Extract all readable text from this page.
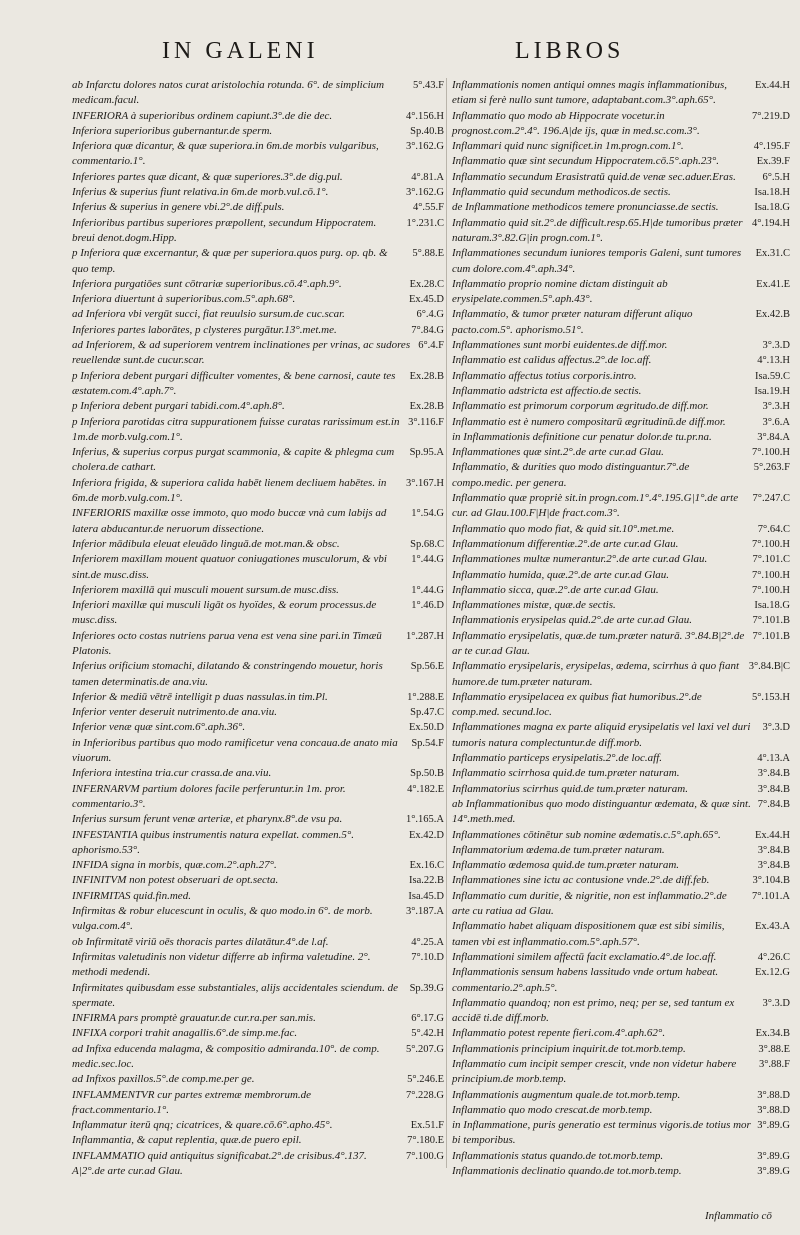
IN GALENI	LIBROS

5°.43.F
ab Infarctu dolores natos curat aristolochia rotunda. 6°. de simplicium medicam.facul.

4°.156.H
INFERIORA à superioribus ordinem capiunt.3°.de die dec.

Sp.40.B
Inferiora superioribus gubernantur.de sperm.

3°.162.G
Inferiora quæ dicantur, & quæ superiora.in 6m.de morbis vulgaribus, commentario.1°.

4°.81.A
Inferiores partes quæ dicant, & quæ superiores.3°.de dig.pul.

3°.162.G
Inferius & superius fiunt relativa.in 6m.de morb.vul.cō.1°.

4°.55.F
Inferius & superius in genere vbi.2°.de diff.puls.

1°.231.C
Inferioribus partibus superiores præpollent, secundum Hippocratem. breui denot.dogm.Hipp.

5°.88.E
p Inferiora quæ excernantur, & quæ per superiora.quos purg. op. qb. & quo temp.

Ex.28.C
Inferiora purgatiōes sunt cōtrariæ superioribus.cō.4°.aph.9°.

Ex.45.D
Inferiora diuertunt à superioribus.com.5°.aph.68°.

6°.4.G
ad Inferiora vbi vergūt succi, fiat reuulsio sursum.de cuc.scar.

7°.84.G
Inferiores partes laborātes, p clysteres purgātur.13°.met.me.

6°.4.F
ad Inferiorem, & ad superiorem ventrem inclinationes per vrinas, ac sudores reuellendæ sunt.de cucur.scar.

Ex.28.B
p Inferiora debent purgari difficulter vomentes, & bene carnosi, caute tes æstatem.com.4°.aph.7°.

Ex.28.B
p Inferiora debent purgari tabidi.com.4°.aph.8°.

3°.116.F
p Inferiora parotidas citra suppurationem fuisse curatas rarissimum est.in 1m.de morb.vulg.com.1°.

Sp.95.A
Inferius, & superius corpus purgat scammonia, & capite & phlegma cum cholera.de cathart.

3°.167.H
Inferiora frigida, & superiora calida habēt lienem decliuem habētes. in 6m.de morb.vulg.com.1°.

1°.54.G
INFERIORIS maxillæ osse immoto, quo modo buccæ vnà cum labijs ad latera abducantur.de neruorum dissectione.

Sp.68.C
Inferior mādibula eleuat eleuādo linguā.de mot.man.& obsc.

1°.44.G
Inferiorem maxillam mouent quatuor coniugationes musculorum, & vbi sint.de musc.diss.

1°.44.G
Inferiorem maxillā qui musculi mouent sursum.de musc.diss.

1°.46.D
Inferiori maxillæ qui musculi ligāt os hyoïdes, & eorum processus.de musc.diss.

1°.287.H
Inferiores octo costas nutriens parua vena est vena sine pari.in Timæū Platonis.

Sp.56.E
Inferius orificium stomachi, dilatando & constringendo mouetur, horis tamen determinatis.de ana.viu.

1°.288.E
Inferior & mediū vētrē intelligit p duas nassulas.in tim.Pl.

Sp.47.C
Inferior venter deseruit nutrimento.de ana.viu.

Ex.50.D
Inferior venæ quæ sint.com.6°.aph.36°.

Sp.54.F
in Inferioribus partibus quo modo ramificetur vena concaua.de anato mia viuorum.

Sp.50.B
Inferiora intestina tria.cur crassa.de ana.viu.

4°.182.E
INFERNARVM partium dolores facile perferuntur.in 1m. pror. commentario.3°.

1°.165.A
Inferius sursum ferunt venæ arteriæ, et pharynx.8°.de vsu pa.

Ex.42.D
INFESTANTIA quibus instrumentis natura expellat. commen.5°. aphorismo.53°.

Ex.16.C
INFIDA signa in morbis, quæ.com.2°.aph.27°.

Isa.22.B
INFINITVM non potest obseruari de opt.secta.

Isa.45.D
INFIRMITAS quid.fin.med.

3°.187.A
Infirmitas & robur elucescunt in oculis, & quo modo.in 6°. de morb. vulga.com.4°.

4°.25.A
ob Infirmitatē viriū oēs thoracis partes dilatātur.4°.de l.af.

7°.10.D
Infirmitas valetudinis non videtur differre ab infirma valetudine. 2°. methodi medendi.

Sp.39.G
Infirmitates quibusdam esse substantiales, alijs accidentales sciendum. de spermate.

6°.17.G
INFIRMA pars promptè grauatur.de cur.ra.per san.mis.

5°.42.H
INFIXA corpori trahit anagallis.6°.de simp.me.fac.

5°.207.G
ad Infixa educenda malagma, & compositio admiranda.10°. de comp. medic.sec.loc.

5°.246.E
ad Infixos paxillos.5°.de comp.me.per ge.

7°.228.G
INFLAMMENTVR cur partes extremæ membrorum.de fract.commentario.1°.

Ex.51.F
Inflammatur iterū qnq; cicatrices, & quare.cō.6°.apho.45°.

7°.180.E
Inflammantia, & caput replentia, quæ.de puero epil.

7°.100.G
INFLAMMATIO quid antiquitus significabat.2°.de crisibus.4°.137. A|2°.de arte cur.ad Glau.

Ex.44.H
Inflammationis nomen antiqui omnes magis inflammationibus, etiam si ferè nullo sunt tumore, adaptabant.com.3°.aph.65°.

7°.219.D
Inflammatio quo modo ab Hippocrate vocetur.in prognost.com.2°.4°. 196.A|de ijs, quæ in med.sc.com.3°.

4°.195.F
Inflammari quid nunc significet.in 1m.progn.com.1°.

Ex.39.F
Inflammatio quæ sint secundum Hippocratem.cō.5°.aph.23°.

6°.5.H
Inflammatio secundum Erasistratū quid.de venæ sec.aduer.Eras.

Isa.18.H
Inflammatio quid secundum methodicos.de sectis.

Isa.18.G
de Inflammatione methodicos temere pronunciasse.de sectis.

4°.194.H
Inflammatio quid sit.2°.de difficult.resp.65.H|de tumoribus præter naturam.3°.82.G|in progn.com.1°.

Ex.31.C
Inflammationes secundum iuniores temporis Galeni, sunt tumores cum dolore.com.4°.aph.34°.

Ex.41.E
Inflammatio proprio nomine dictam distinguit ab erysipelate.commen.5°.aph.43°.

Ex.42.B
Inflammatio, & tumor præter naturam differunt aliquo pacto.com.5°. aphorismo.51°.

3°.3.D
Inflammationes sunt morbi euidentes.de diff.mor.

4°.13.H
Inflammatio est calidus affectus.2°.de loc.aff.

Isa.59.C
Inflammatio affectus totius corporis.intro.

Isa.19.H
Inflammatio adstricta est affectio.de sectis.

3°.3.H
Inflammatio est primorum corporum ægritudo.de diff.mor.

3°.6.A
Inflammatio est è numero compositarū ægritudinū.de diff.mor.

3°.84.A
in Inflammationis definitione cur penatur dolor.de tu.pr.na.

7°.100.H
Inflammationes quæ sint.2°.de arte cur.ad Glau.

5°.263.F
Inflammatio, & durities quo modo distinguantur.7°.de compo.medic. per genera.

7°.247.C
Inflammatio quæ propriè sit.in progn.com.1°.4°.195.G|1°.de arte cur. ad Glau.100.F|H|de fract.com.3°.

7°.64.C
Inflammatio quo modo fiat, & quid sit.10°.met.me.

7°.100.H
Inflammationum differentiæ.2°.de arte cur.ad Glau.

7°.101.C
Inflammationes multæ numerantur.2°.de arte cur.ad Glau.

7°.100.H
Inflammatio humida, quæ.2°.de arte cur.ad Glau.

7°.100.H
Inflammatio sicca, quæ.2°.de arte cur.ad Glau.

Isa.18.G
Inflammationes mistæ, quæ.de sectis.

7°.101.B
Inflammationis erysipelas quid.2°.de arte cur.ad Glau.

7°.101.B
Inflammatio erysipelatis, quæ.de tum.præter naturā. 3°.84.B|2°.de ar te cur.ad Glau.

3°.84.B|C
Inflammatio erysipelaris, erysipelas, œdema, scirrhus à quo fiant humore.de tum.præter naturam.

5°.153.H
Inflammatio erysipelacea ex quibus fiat humoribus.2°.de comp.med. secund.loc.

3°.3.D
Inflammationes magna ex parte aliquid erysipelatis vel laxi vel duri tumoris natura complectuntur.de diff.morb.

4°.13.A
Inflammatio particeps erysipelatis.2°.de loc.aff.

3°.84.B
Inflammatio scirrhosa quid.de tum.præter naturam.

3°.84.B
Inflammatorius scirrhus quid.de tum.præter naturam.

7°.84.B
ab Inflammationibus quo modo distinguantur œdemata, & quæ sint. 14°.meth.med.

Ex.44.H
Inflammationes cōtinētur sub nomine œdematis.c.5°.aph.65°.

3°.84.B
Inflammatorium œdema.de tum.præter naturam.

3°.84.B
Inflammatio œdemosa quid.de tum.præter naturam.

3°.104.B
Inflammationes sine ictu ac contusione vnde.2°.de diff.feb.

7°.101.A
Inflammatio cum duritie, & nigritie, non est inflammatio.2°.de arte cu ratiua ad Glau.

Ex.43.A
Inflammatio habet aliquam dispositionem quæ est sibi similis, tamen vbi est inflammatio.com.5°.aph.57°.

4°.26.C
Inflammationi similem affectū facit exclamatio.4°.de loc.aff.

Ex.12.G
Inflammationis sensum habens lassitudo vnde ortum habeat. commentario.2°.aph.5°.

3°.3.D
Inflammatio quandoq; non est primo, neq; per se, sed tantum ex accidē ti.de diff.morb.

Ex.34.B
Inflammatio potest repente fieri.com.4°.aph.62°.

3°.88.E
Inflammationis principium inquirit.de tot.morb.temp.

3°.88.F
Inflammatio cum incipit semper crescit, vnde non videtur habere principium.de morb.temp.

3°.88.D
Inflammationis augmentum quale.de tot.morb.temp.

3°.88.D
Inflammatio quo modo crescat.de morb.temp.

3°.89.G
in Inflammatione, puris generatio est terminus vigoris.de totius mor bi temporibus.

3°.89.G
Inflammationis status quando.de tot.morb.temp.

3°.89.G
Inflammationis declinatio quando.de tot.morb.temp.

Inflammatio cō
